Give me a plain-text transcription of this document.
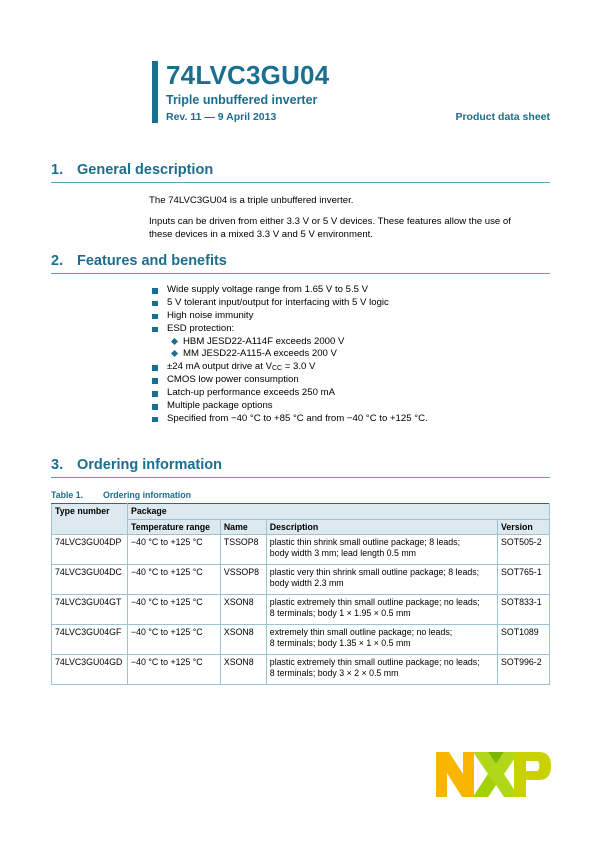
74LVC3GU04
Triple unbuffered inverter
Rev. 11 — 9 April 2013	Product data sheet
1. General description
The 74LVC3GU04 is a triple unbuffered inverter.
Inputs can be driven from either 3.3 V or 5 V devices. These features allow the use of
these devices in a mixed 3.3 V and 5 V environment.
2. Features and benefits
Wide supply voltage range from 1.65 V to 5.5 V
5 V tolerant input/output for interfacing with 5 V logic
High noise immunity
ESD protection:
HBM JESD22-A114F exceeds 2000 V
MM JESD22-A115-A exceeds 200 V
±24 mA output drive at $V_{CC} = 3.0$ V
CMOS low power consumption
Latch-up performance exceeds 250 mA
Multiple package options
Specified from −40 °C to +85 °C and from −40 °C to +125 °C.
3. Ordering information
Table 1. Ordering information
Type number	Package			
	Temperature range	Name	Description	Version
74LVC3GU04DP	−40 °C to +125 °C	TSSOP8	plastic thin shrink small outline package; 8 leads;
body width 3 mm; lead length 0.5 mm	SOT505-2
74LVC3GU04DC	−40 °C to +125 °C	VSSOP8	plastic very thin shrink small outline package; 8 leads;
body width 2.3 mm	SOT765-1
74LVC3GU04GT	−40 °C to +125 °C	XSON8	plastic extremely thin small outline package; no leads;
8 terminals; body 1 × 1.95 × 0.5 mm	SOT833-1
74LVC3GU04GF	−40 °C to +125 °C	XSON8	extremely thin small outline package; no leads;
8 terminals; body 1.35 × 1 × 0.5 mm	SOT1089
74LVC3GU04GD	−40 °C to +125 °C	XSON8	plastic extremely thin small outline package; no leads;
8 terminals; body 3 × 2 × 0.5 mm	SOT996-2
